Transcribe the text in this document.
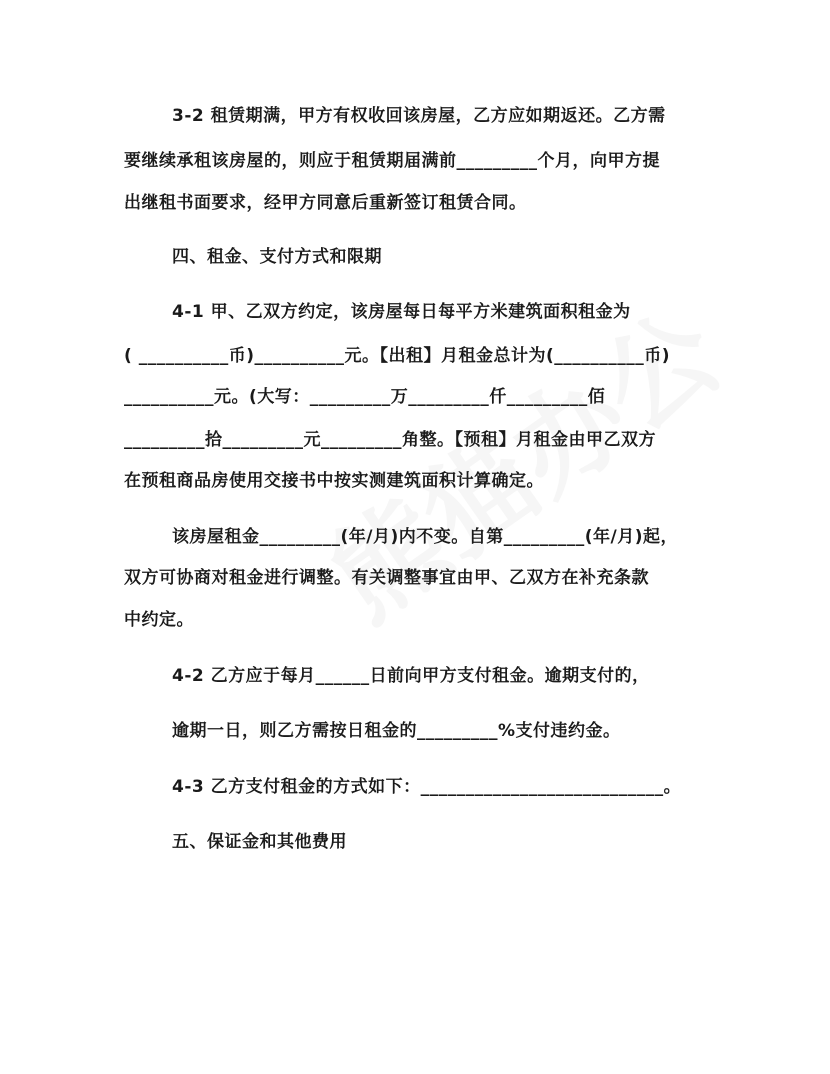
3-2 租赁期满，甲方有权收回该房屋，乙方应如期返还。乙方需
要继续承租该房屋的，则应于租赁期届满前_________个月，向甲方提
出继租书面要求，经甲方同意后重新签订租赁合同。
四、租金、支付方式和限期
4-1 甲、乙双方约定，该房屋每日每平方米建筑面积租金为
( __________币)__________元。【出租】月租金总计为(__________币)
__________元。(大写：_________万_________仟_________佰
_________拾_________元_________角整。【预租】月租金由甲乙双方
在预租商品房使用交接书中按实测建筑面积计算确定。
该房屋租金_________(年/月)内不变。自第_________(年/月)起，
双方可协商对租金进行调整。有关调整事宜由甲、乙双方在补充条款
中约定。
4-2 乙方应于每月______日前向甲方支付租金。逾期支付的，
逾期一日，则乙方需按日租金的_________%支付违约金。
4-3 乙方支付租金的方式如下：___________________________。
五、保证金和其他费用
